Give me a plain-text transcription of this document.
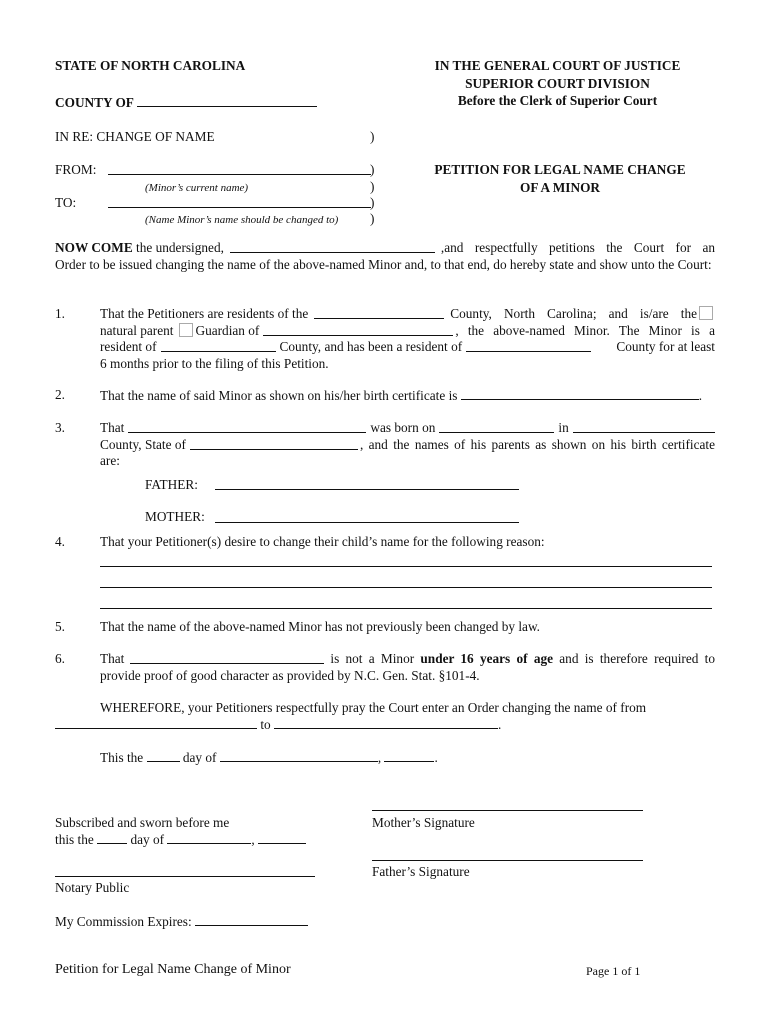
STATE OF NORTH CAROLINA
COUNTY OF
IN THE GENERAL COURT OF JUSTICE
SUPERIOR COURT DIVISION
Before the Clerk of Superior Court
IN RE: CHANGE OF NAME	)
FROM:	)
(Minor’s current name)	)
TO:	)
(Name Minor’s name should be changed to) )
PETITION FOR LEGAL NAME CHANGE
OF A MINOR
NOW COME the undersigned,	,and respectfully petitions the Court for an
Order to be issued changing the name of the above-named Minor and, to that end, do hereby state and show unto the Court:
1.	That the Petitioners are residents of the	County, North Carolina; and is/are the
natural parent Guardian of	, the above-named Minor. The Minor is a
resident of	County, and has been a resident of	County for at least
6 months prior to the filing of this Petition.
2.	That the name of said Minor as shown on his/her birth certificate is	.
3.	That	was born on	in
County, State of	, and the names of his parents as shown on his birth certificate
are:
FATHER:
MOTHER:
4.	That your Petitioner(s) desire to change their child’s name for the following reason:
5.	That the name of the above-named Minor has not previously been changed by law.
6.	That	is not a Minor under 16 years of age and is therefore required to
provide proof of good character as provided by N.C. Gen. Stat. §101-4.
WHEREFORE, your Petitioners respectfully pray the Court enter an Order changing the name of from
to	.
This the	day of	,	.
Mother’s Signature
Father’s Signature
Subscribed and sworn before me
this the	day of	,
Notary Public
My Commission Expires:
Petition for Legal Name Change of Minor	Page 1 of 1
